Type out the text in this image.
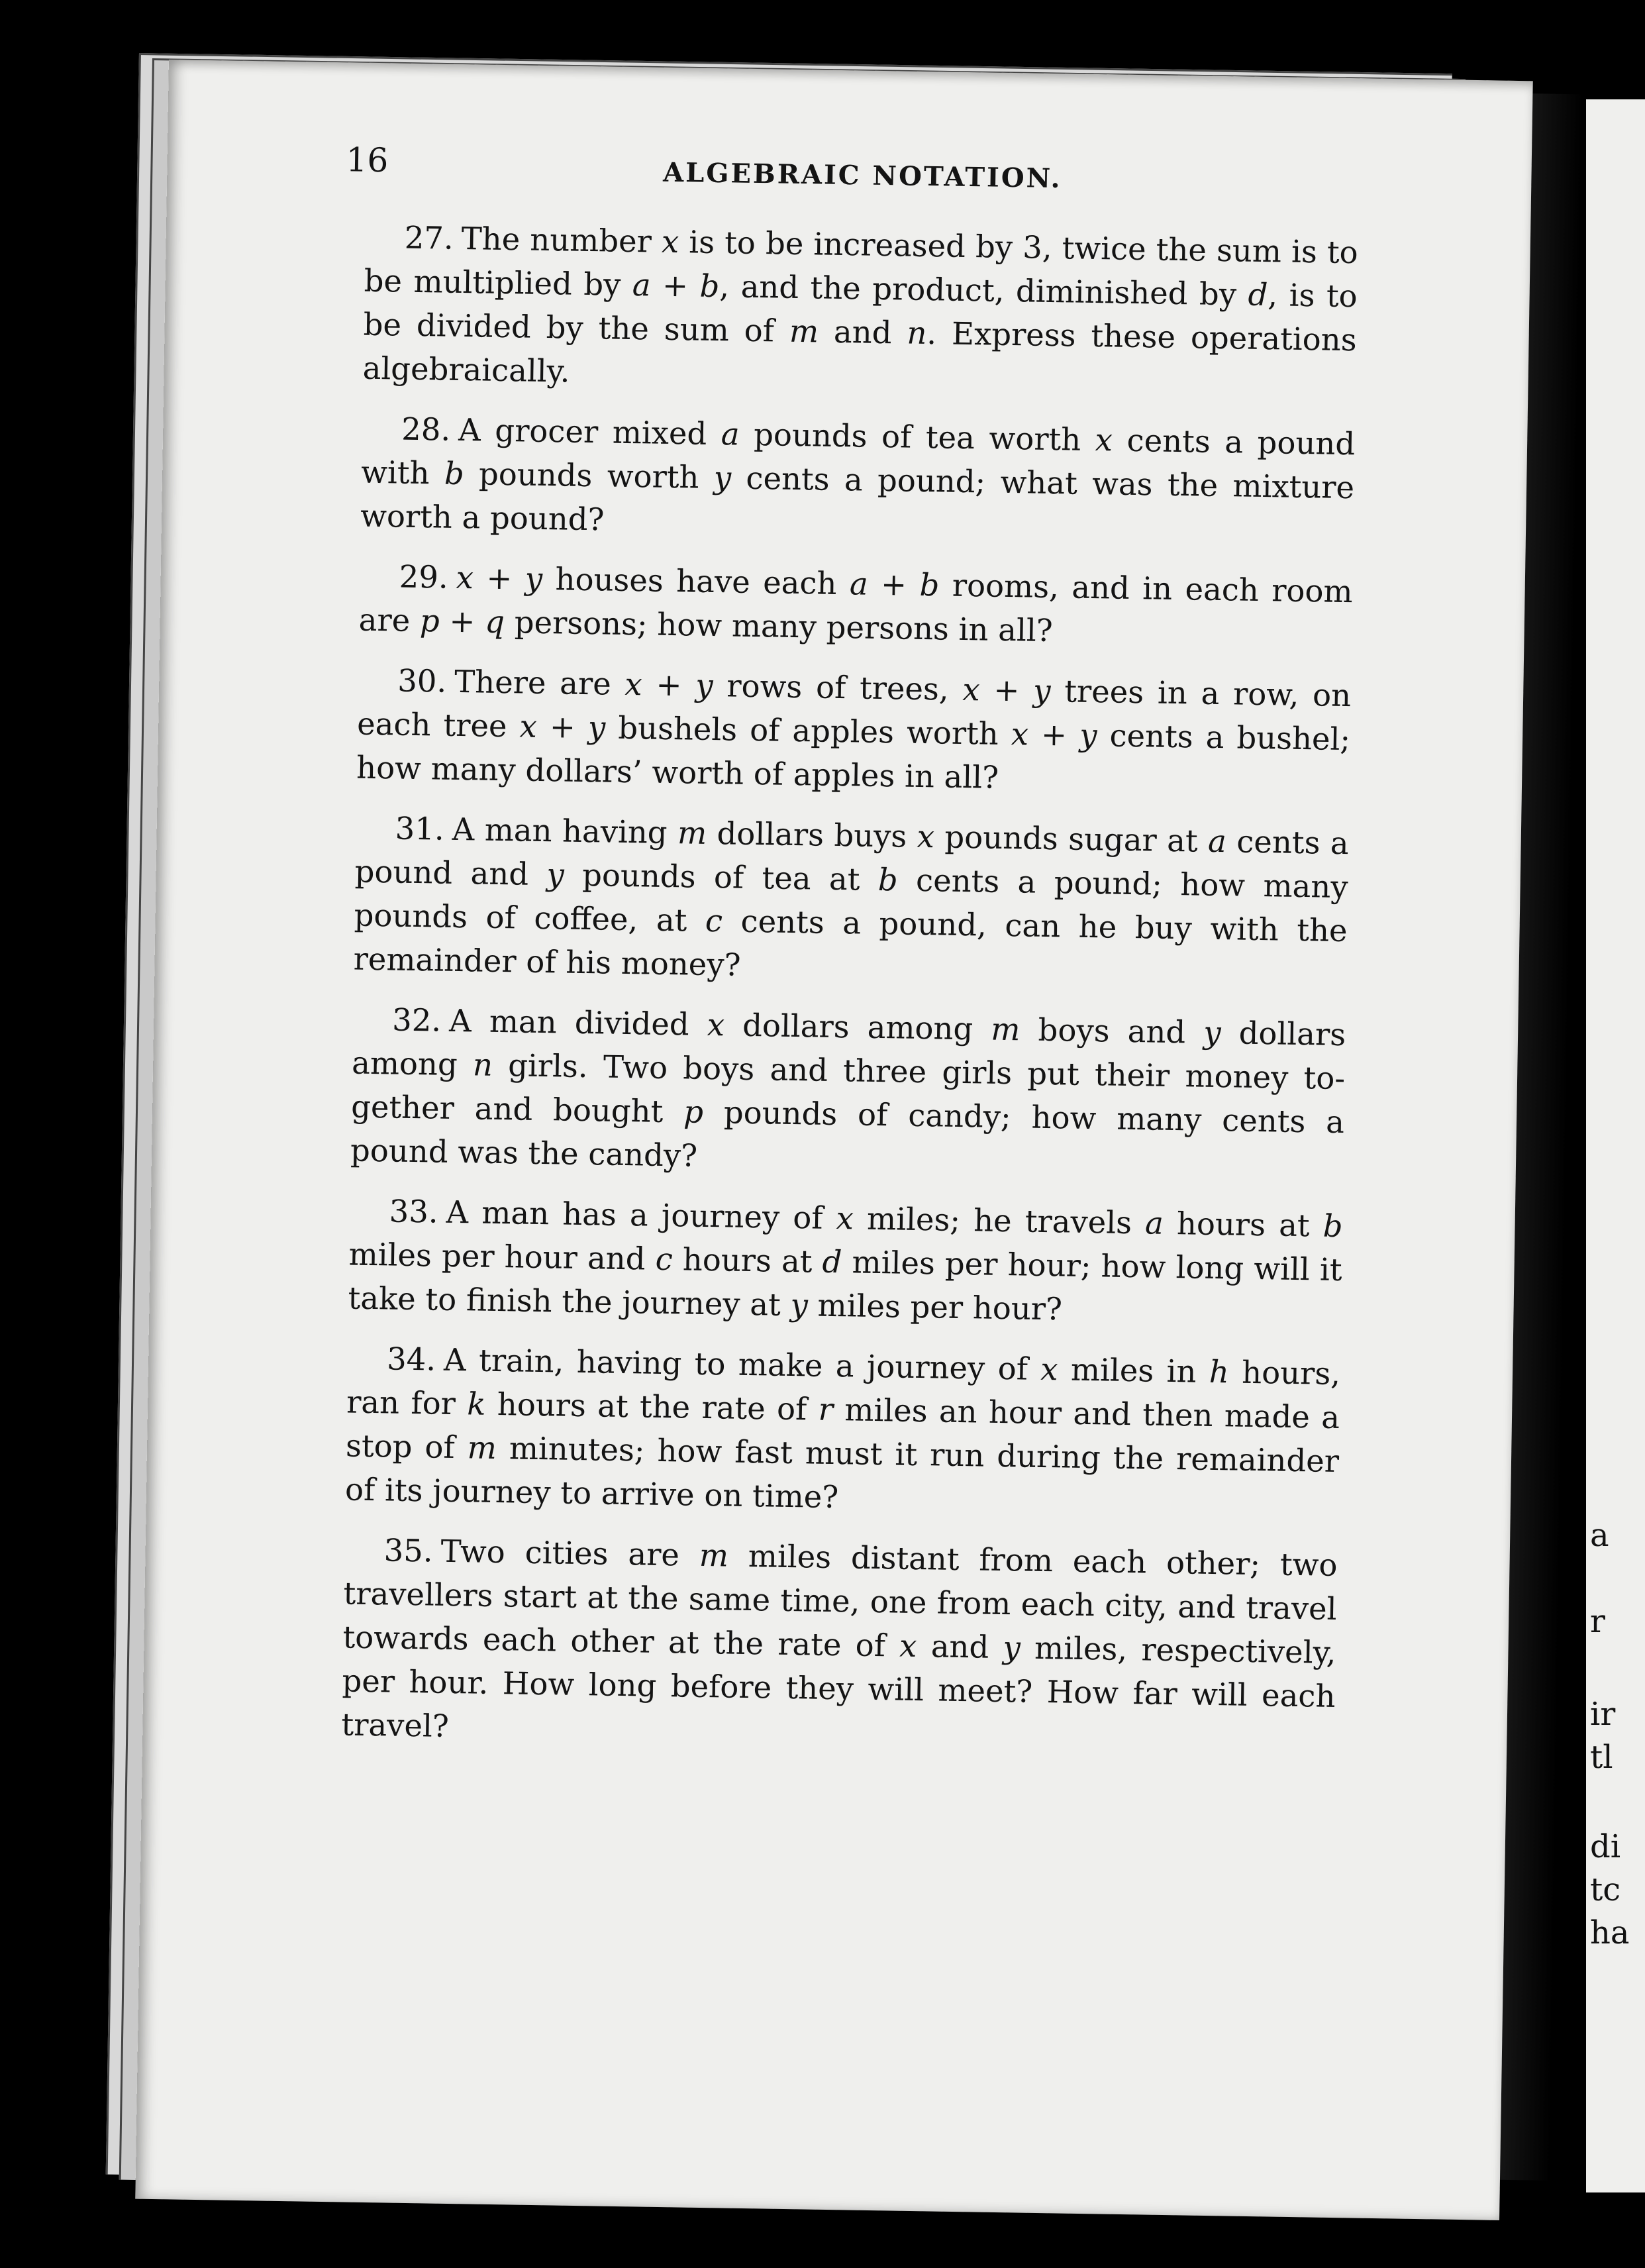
16	ALGEBRAIC NOTATION.

27. The number x is to be increased by 3, twice the sum is to be multiplied by a + b, and the product, diminished by d, is to be divided by the sum of m and n. Express these operations algebraically.

28. A grocer mixed a pounds of tea worth x cents a pound with b pounds worth y cents a pound; what was the mixture worth a pound?

29. x + y houses have each a + b rooms, and in each room are p + q persons; how many persons in all?

30. There are x + y rows of trees, x + y trees in a row, on each tree x + y bushels of apples worth x + y cents a bushel; how many dollars’ worth of apples in all?

31. A man having m dollars buys x pounds sugar at a cents a pound and y pounds of tea at b cents a pound; how many pounds of coffee, at c cents a pound, can he buy with the remainder of his money?

32. A man divided x dollars among m boys and y dollars among n girls. Two boys and three girls put their money together and bought p pounds of candy; how many cents a pound was the candy?

33. A man has a journey of x miles; he travels a hours at b miles per hour and c hours at d miles per hour; how long will it take to finish the journey at y miles per hour?

34. A train, having to make a journey of x miles in h hours, ran for k hours at the rate of r miles an hour and then made a stop of m minutes; how fast must it run during the remainder of its journey to arrive on time?

35. Two cities are m miles distant from each other; two travellers start at the same time, one from each city, and travel towards each other at the rate of x and y miles, respectively, per hour. How long before they will meet? How far will each travel?

a
r
ir
tl
di
tc
ha
